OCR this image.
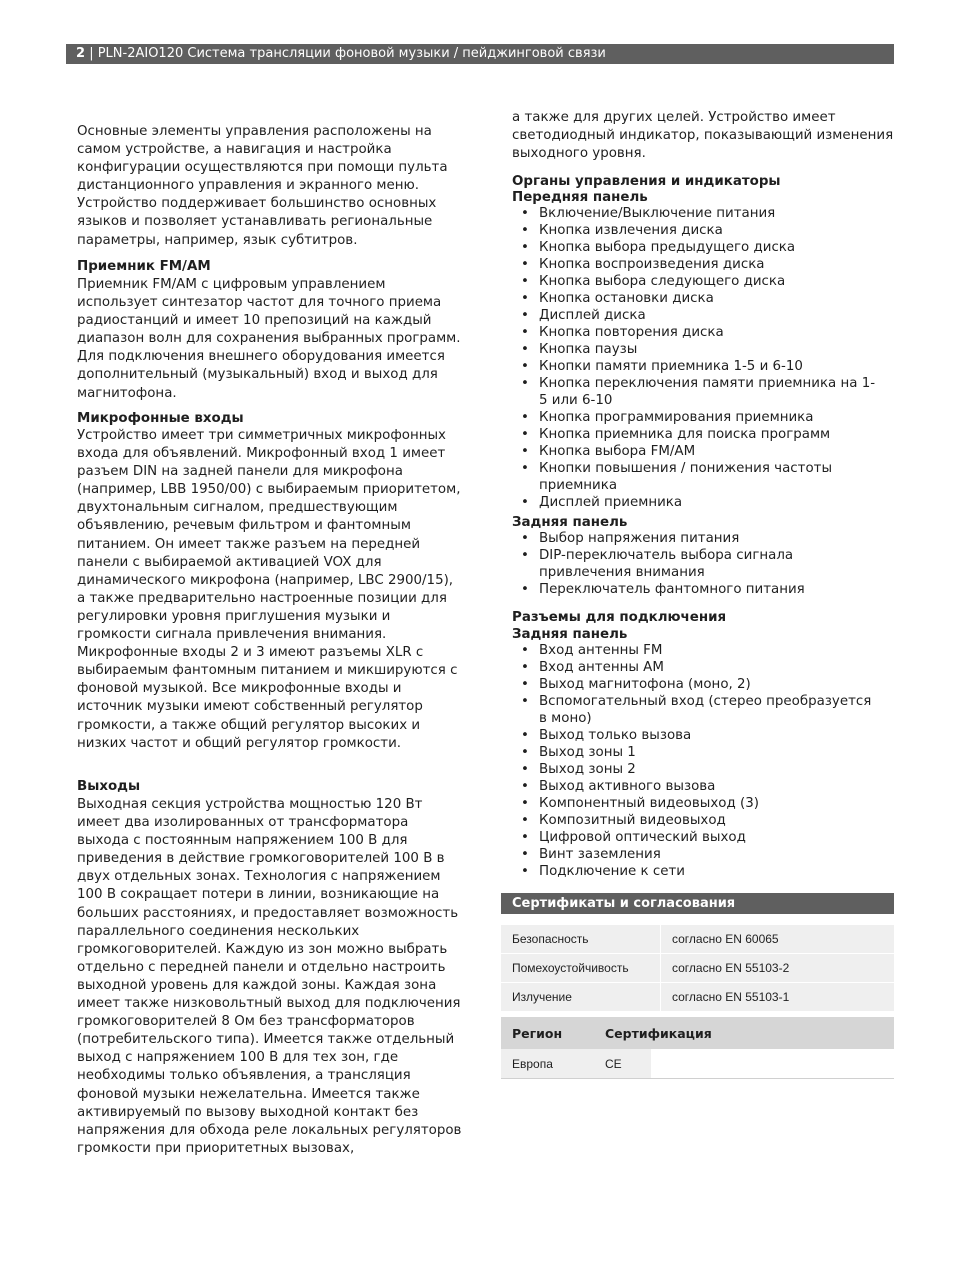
2 | PLN-2AIO120 Система трансляции фоновой музыки / пейджинговой связи

Основные элементы управления расположены на самом устройстве, а навигация и настройка конфигурации осуществляются при помощи пульта дистанционного управления и экранного меню. Устройство поддерживает большинство основных языков и позволяет устанавливать региональные параметры, например, язык субтитров.

Приемник FM/AM

Приемник FM/AM с цифровым управлением использует синтезатор частот для точного приема радиостанций и имеет 10 препозиций на каждый диапазон волн для сохранения выбранных программ. Для подключения внешнего оборудования имеется дополнительный (музыкальный) вход и выход для магнитофона.

Микрофонные входы

Устройство имеет три симметричных микрофонных входа для объявлений. Микрофонный вход 1 имеет разъем DIN на задней панели для микрофона (например, LBB 1950/00) с выбираемым приоритетом, двухтональным сигналом, предшествующим объявлению, речевым фильтром и фантомным питанием. Он имеет также разъем на передней панели с выбираемой активацией VOX для динамического микрофона (например, LBC 2900/15), а также предварительно настроенные позиции для регулировки уровня приглушения музыки и громкости сигнала привлечения внимания. Микрофонные входы 2 и 3 имеют разъемы XLR с выбираемым фантомным питанием и микшируются с фоновой музыкой. Все микрофонные входы и источник музыки имеют собственный регулятор громкости, а также общий регулятор высоких и низких частот и общий регулятор громкости.

Выходы

Выходная секция устройства мощностью 120 Вт имеет два изолированных от трансформатора выхода с постоянным напряжением 100 В для приведения в действие громкоговорителей 100 В в двух отдельных зонах. Технология с напряжением 100 В сокращает потери в линии, возникающие на больших расстояниях, и предоставляет возможность параллельного соединения нескольких громкоговорителей. Каждую из зон можно выбрать отдельно с передней панели и отдельно настроить выходной уровень для каждой зоны. Каждая зона имеет также низковольтный выход для подключения громкоговорителей 8 Ом без трансформаторов (потребительского типа). Имеется также отдельный выход с напряжением 100 В для тех зон, где необходимы только объявления, а трансляция фоновой музыки нежелательна. Имеется также активируемый по вызову выходной контакт без напряжения для обхода реле локальных регуляторов громкости при приоритетных вызовах,

а также для других целей. Устройство имеет светодиодный индикатор, показывающий изменения выходного уровня.

Органы управления и индикаторы

Передняя панель

• Включение/Выключение питания
• Кнопка извлечения диска
• Кнопка выбора предыдущего диска
• Кнопка воспроизведения диска
• Кнопка выбора следующего диска
• Кнопка остановки диска
• Дисплей диска
• Кнопка повторения диска
• Кнопка паузы
• Кнопки памяти приемника 1-5 и 6-10
• Кнопка переключения памяти приемника на 1-5 или 6-10
• Кнопка программирования приемника
• Кнопка приемника для поиска программ
• Кнопка выбора FM/AM
• Кнопки повышения / понижения частоты приемника
• Дисплей приемника

Задняя панель

• Выбор напряжения питания
• DIP-переключатель выбора сигнала привлечения внимания
• Переключатель фантомного питания

Разъемы для подключения

Задняя панель

• Вход антенны FM
• Вход антенны AM
• Выход магнитофона (моно, 2)
• Вспомогательный вход (стерео преобразуется в моно)
• Выход только вызова
• Выход зоны 1
• Выход зоны 2
• Выход активного вызова
• Компонентный видеовыход (3)
• Композитный видеовыход
• Цифровой оптический выход
• Винт заземления
• Подключение к сети
Сертификаты и согласования
Безопасность	согласно EN 60065
Помехоустойчивость	согласно EN 55103-2
Излучение	согласно EN 55103-1
Регион	Сертификация	
Европа	CE	
